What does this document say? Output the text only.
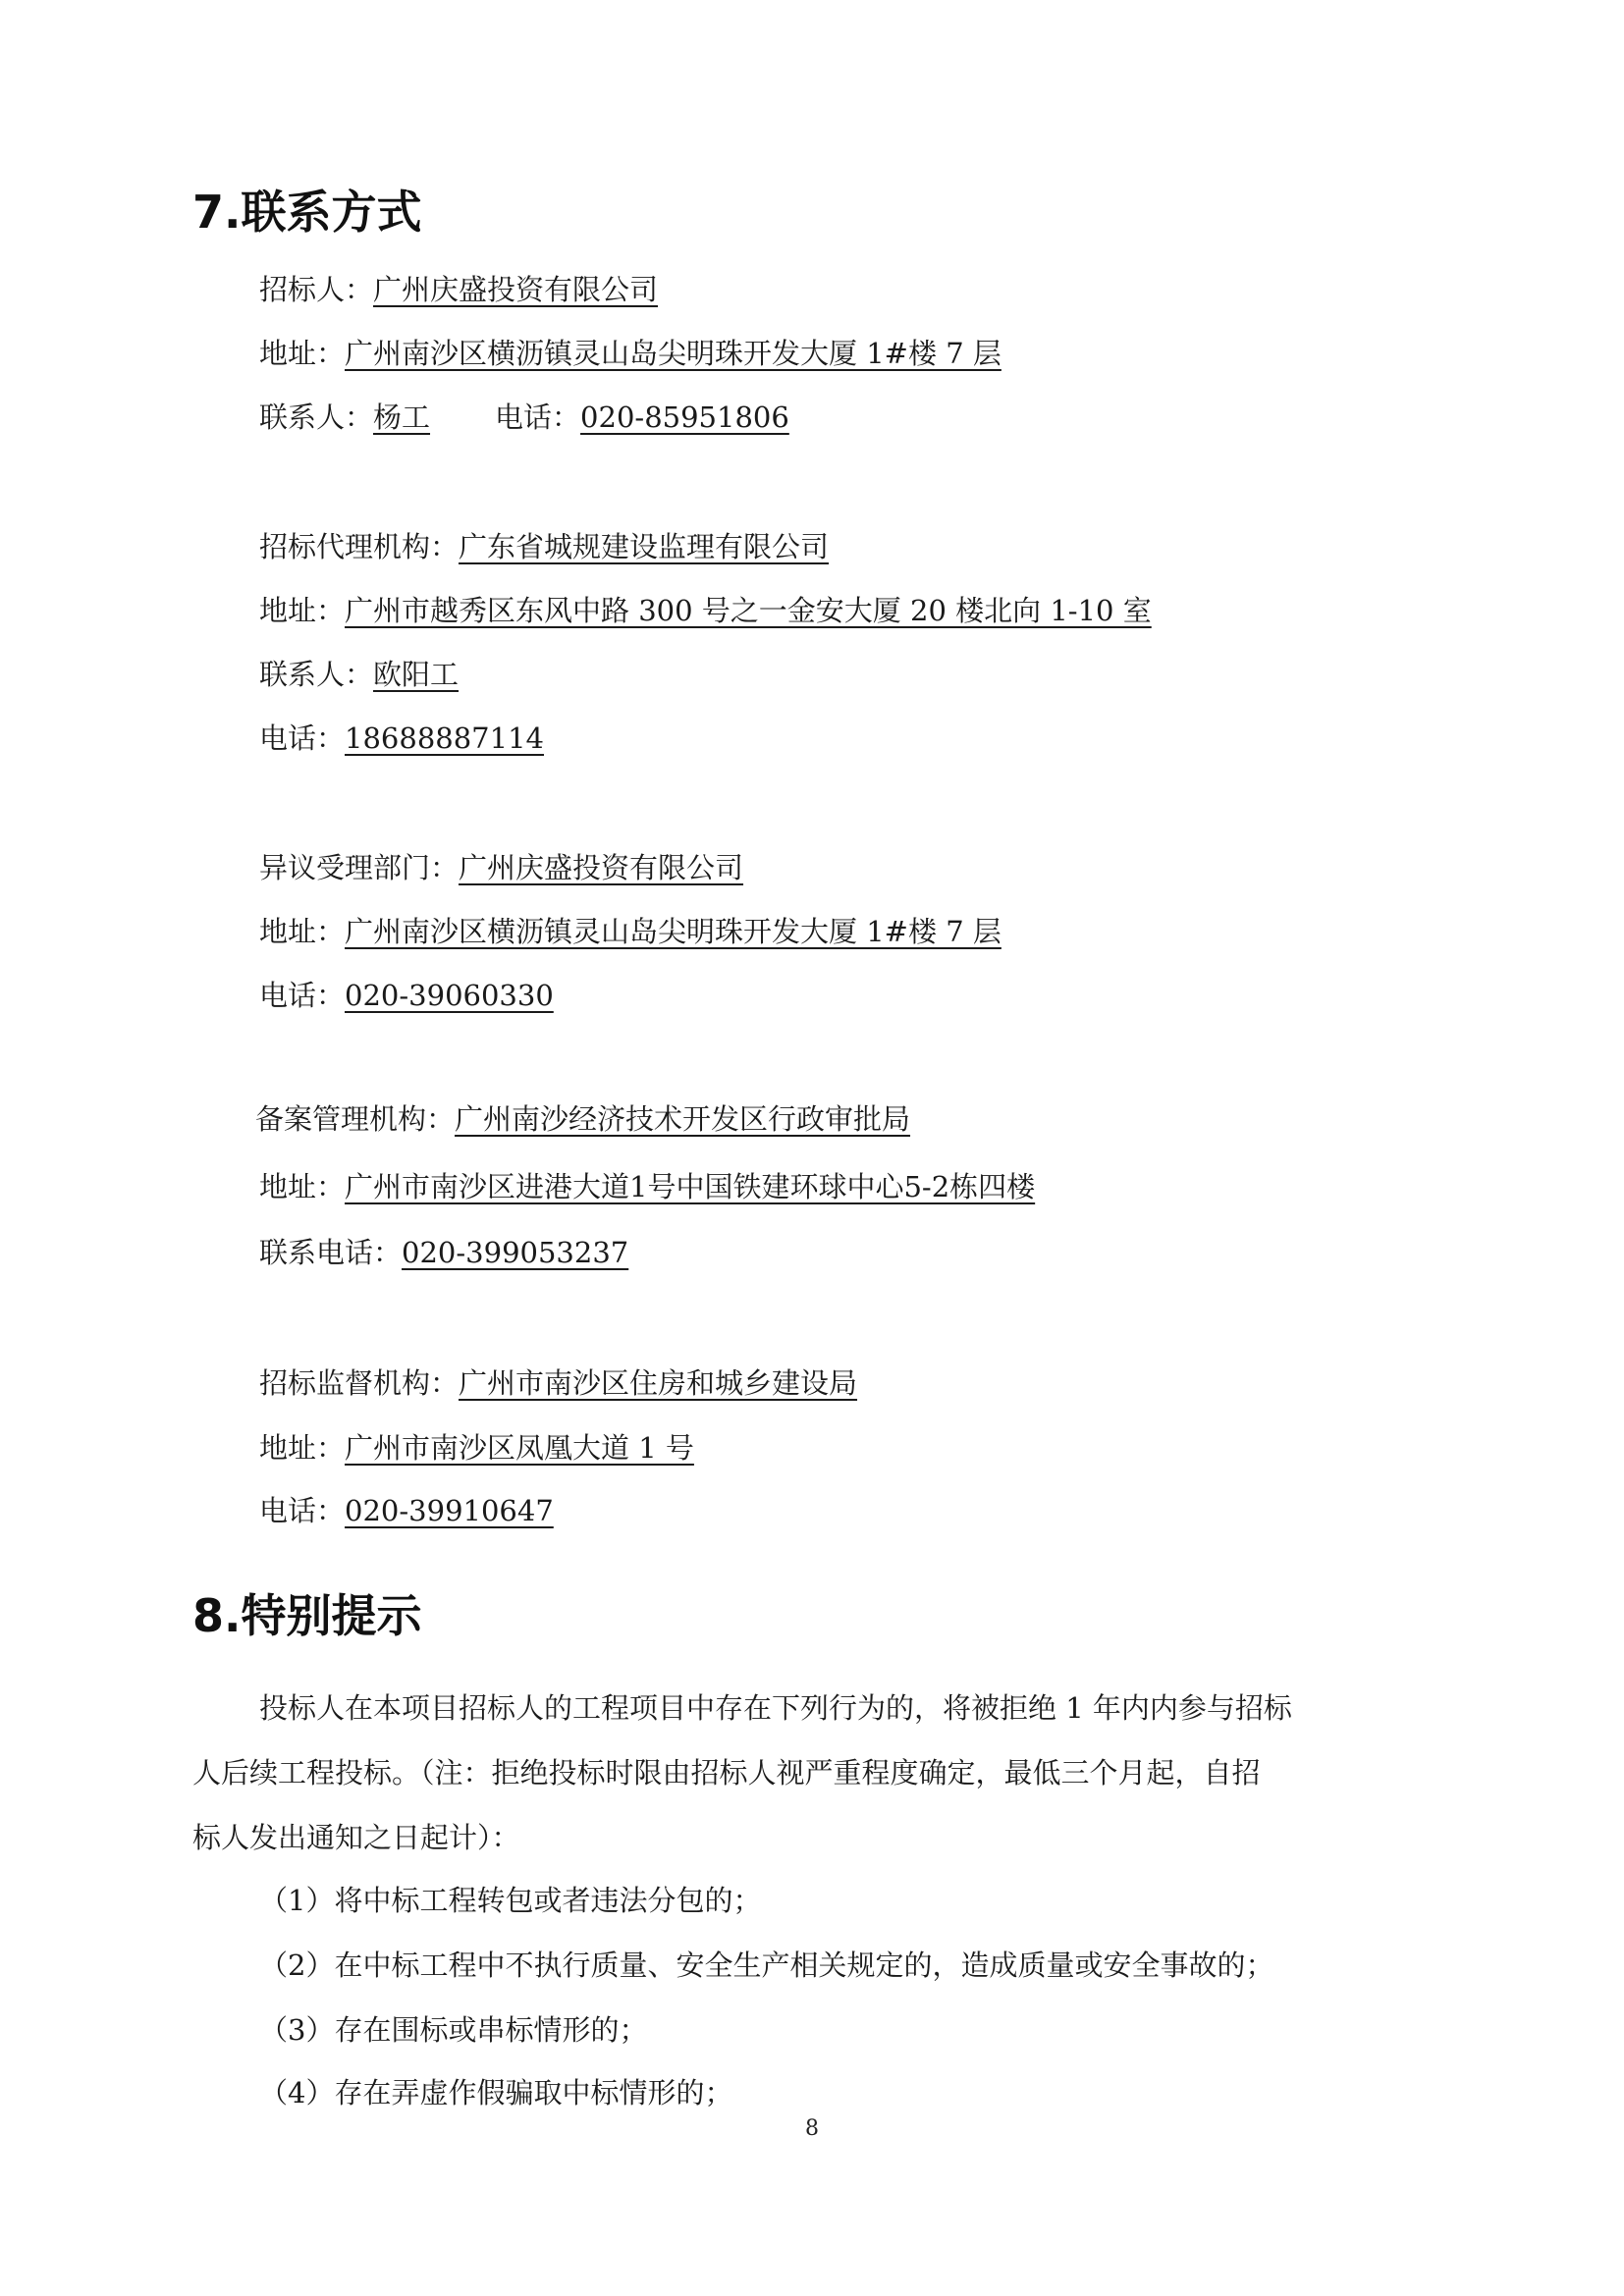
7.联系方式
招标人：广州庆盛投资有限公司
地址：广州南沙区横沥镇灵山岛尖明珠开发大厦 1#楼 7 层
联系人：杨工 电话：020-85951806
招标代理机构：广东省城规建设监理有限公司
地址：广州市越秀区东风中路 300 号之一金安大厦 20 楼北向 1-10 室
联系人：欧阳工
电话：18688887114
异议受理部门：广州庆盛投资有限公司
地址：广州南沙区横沥镇灵山岛尖明珠开发大厦 1#楼 7 层
电话：020-39060330
备案管理机构：广州南沙经济技术开发区行政审批局
地址：广州市南沙区进港大道1号中国铁建环球中心5-2栋四楼
联系电话：020-399053237
招标监督机构：广州市南沙区住房和城乡建设局
地址：广州市南沙区凤凰大道 1 号
电话：020-39910647
8.特别提示
投标人在本项目招标人的工程项目中存在下列行为的，将被拒绝 1 年内内参与招标
人后续工程投标。（注：拒绝投标时限由招标人视严重程度确定，最低三个月起，自招
标人发出通知之日起计）：
（1）将中标工程转包或者违法分包的；
（2）在中标工程中不执行质量、安全生产相关规定的，造成质量或安全事故的；
（3）存在围标或串标情形的；
（4）存在弄虚作假骗取中标情形的；
8
